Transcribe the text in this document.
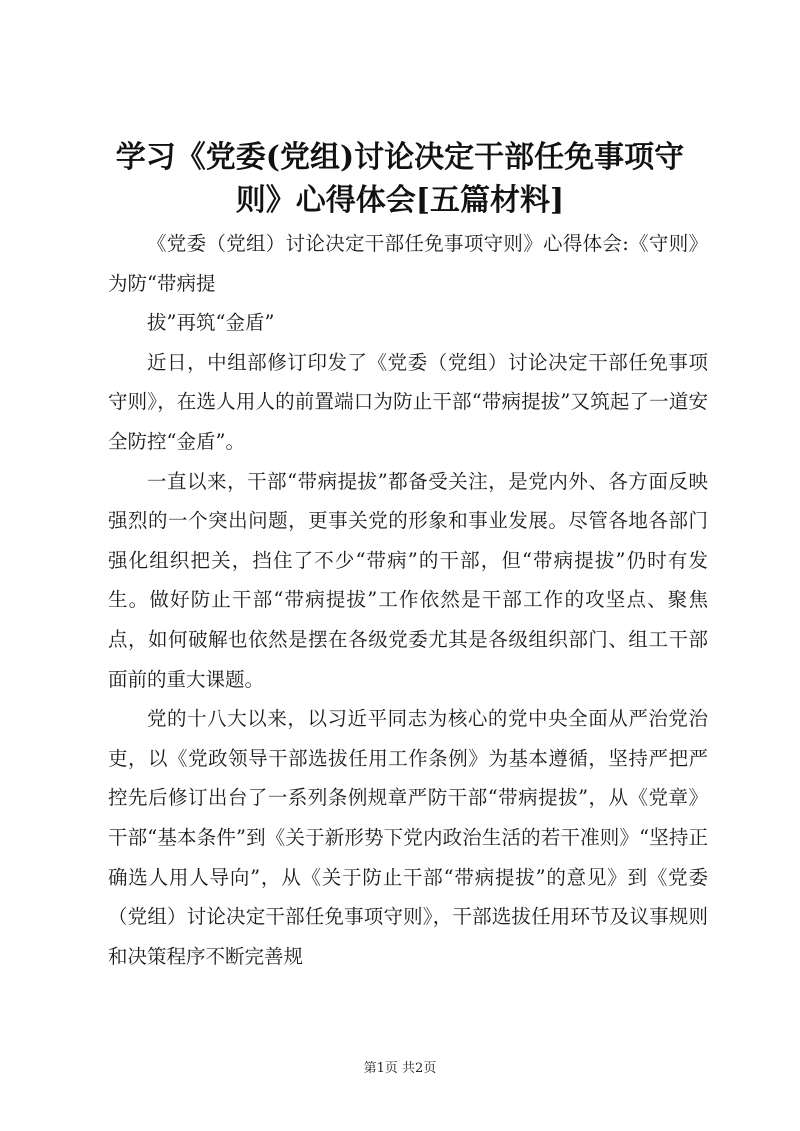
学习《党委(党组)讨论决定干部任免事项守
则》心得体会[五篇材料]

《党委（党组）讨论决定干部任免事项守则》心得体会:《守则》为防“带病提

拔”再筑“金盾”

近日，中组部修订印发了《党委（党组）讨论决定干部任免事项守则》，在选人用人的前置端口为防止干部“带病提拔”又筑起了一道安全防控“金盾”。

一直以来，干部“带病提拔”都备受关注，是党内外、各方面反映强烈的一个突出问题，更事关党的形象和事业发展。尽管各地各部门强化组织把关，挡住了不少“带病”的干部，但“带病提拔”仍时有发生。做好防止干部“带病提拔”工作依然是干部工作的攻坚点、聚焦点，如何破解也依然是摆在各级党委尤其是各级组织部门、组工干部面前的重大课题。

党的十八大以来，以习近平同志为核心的党中央全面从严治党治吏，以《党政领导干部选拔任用工作条例》为基本遵循，坚持严把严控先后修订出台了一系列条例规章严防干部“带病提拔”，从《党章》干部“基本条件”到《关于新形势下党内政治生活的若干准则》“坚持正确选人用人导向”，从《关于防止干部“带病提拔”的意见》到《党委（党组）讨论决定干部任免事项守则》，干部选拔任用环节及议事规则和决策程序不断完善规

第1页 共2页
